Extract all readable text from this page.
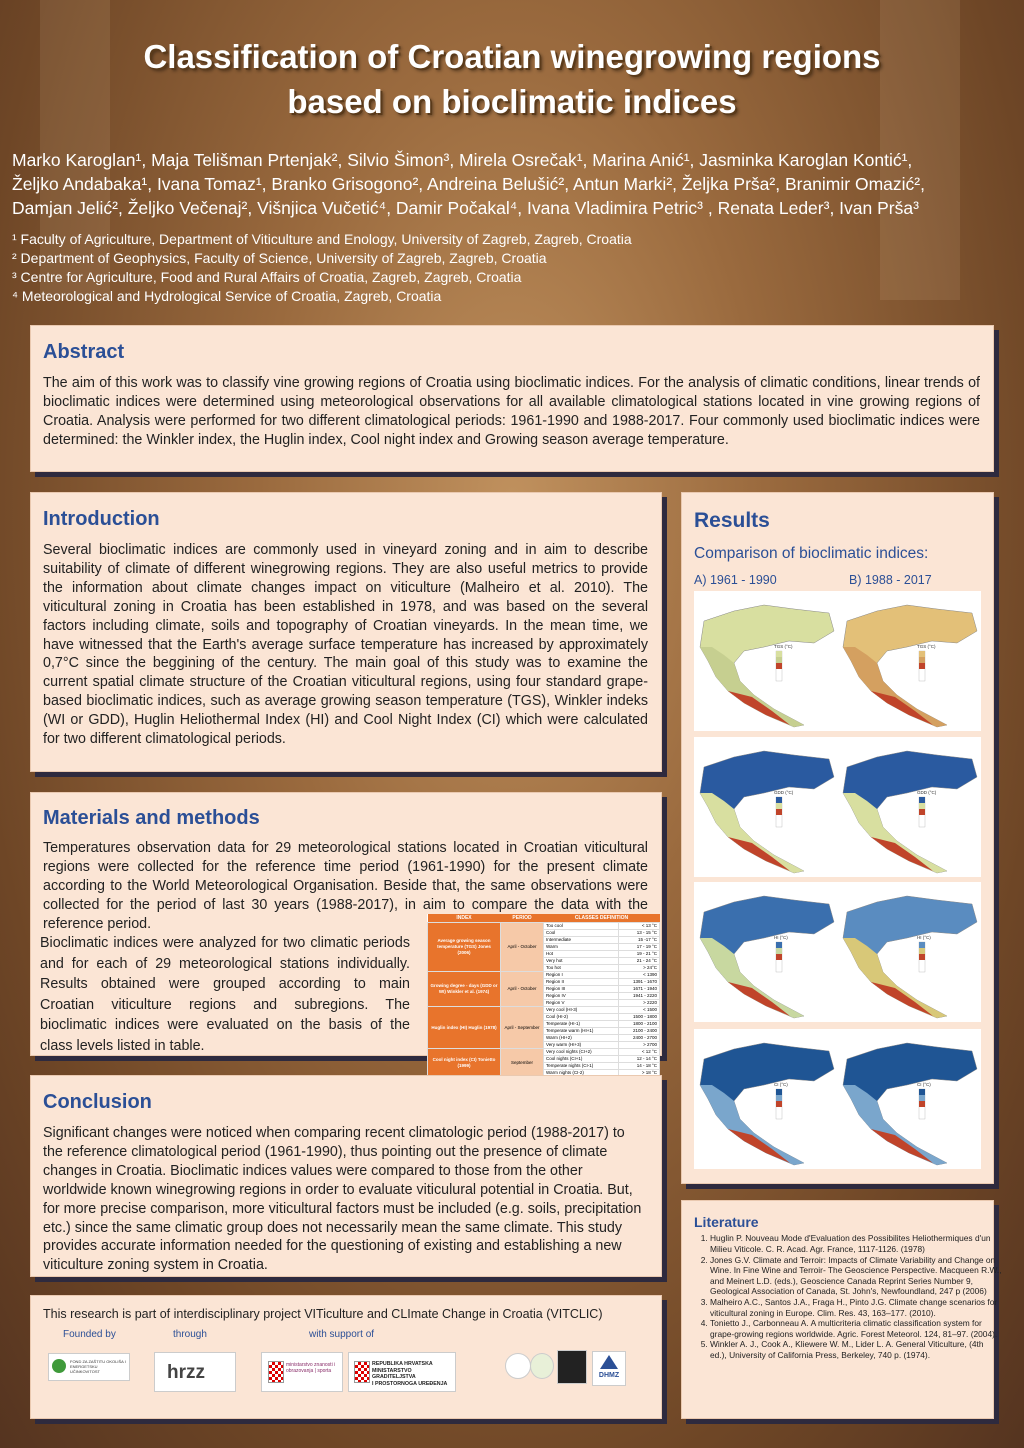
Classification of Croatian winegrowing regions
based on bioclimatic indices
Marko Karoglan¹, Maja Telišman Prtenjak², Silvio Šimon³, Mirela Osrečak¹, Marina Anić¹, Jasminka Karoglan Kontić¹,
Željko Andabaka¹, Ivana Tomaz¹, Branko Grisogono², Andreina Belušić², Antun Marki², Željka Prša², Branimir Omazić²,
Damjan Jelić², Željko Večenaj², Višnjica Vučetić⁴, Damir Počakal⁴, Ivana Vladimira Petric³ , Renata Leder³, Ivan Prša³
¹ Faculty of Agriculture, Department of Viticulture and Enology, University of Zagreb, Zagreb, Croatia
² Department of Geophysics, Faculty of Science, University of Zagreb, Zagreb, Croatia
³ Centre for Agriculture, Food and Rural Affairs of Croatia, Zagreb, Zagreb, Croatia
⁴ Meteorological and Hydrological Service of Croatia, Zagreb, Croatia
Abstract
The aim of this work was to classify vine growing regions of Croatia using bioclimatic indices. For the analysis of climatic conditions, linear trends of bioclimatic indices were determined using meteorological observations for all available climatological stations located in vine growing regions of Croatia. Analysis were performed for two different climatological periods: 1961-1990 and 1988-2017. Four commonly used bioclimatic indices were determined: the Winkler index, the Huglin index, Cool night index and Growing season average temperature.
Introduction
Several bioclimatic indices are commonly used in vineyard zoning and in aim to describe suitability of climate of different winegrowing regions. They are also useful metrics to provide the information about climate changes impact on viticulture (Malheiro et al. 2010). The viticultural zoning in Croatia has been established in 1978, and was based on the several factors including climate, soils and topography of Croatian vineyards. In the mean time, we have witnessed that the Earth's average surface temperature has increased by approximately 0,7°C since the beggining of the century. The main goal of this study was to examine the current spatial climate structure of the Croatian viticultural regions, using four standard grape-based bioclimatic indices, such as average growing season temperature (TGS), Winkler indeks (WI or GDD), Huglin Heliothermal Index (HI) and Cool Night Index (CI) which were calculated for two different climatological periods.
Materials and methods
Temperatures observation data for 29 meteorological stations located in Croatian viticultural regions were collected for the reference time period (1961-1990) for the present climate according to the World Meteorological Organisation. Beside that, the same observations were collected for the period of last 30 years (1988-2017), in aim to compare the data with the reference period.
Bioclimatic indices were analyzed for two climatic periods and for each of 29 meteorological stations individually. Results obtained were grouped according to main Croatian viticulture regions and subregions. The bioclimatic indices were evaluated on the basis of the class levels listed in table.
INDEX	PERIOD	CLASSES DEFINITION	
Average growing season temperature (TGS) Jones (2006)	April - October	Too cool	< 13 °C
		Cool	13 - 15 °C
		Intermediate	15 -17 °C
		Warm	17 - 19 °C
		Hot	19 - 21 °C
		Very hot	21 - 24 °C
		Too hot	> 24°C
Growing degree - days (GDD or WI) Winkler et al. (1974)	April - October	Region I	< 1390
		Region II	1391 - 1670
		Region III	1671 - 1940
		Region IV	1941 - 2220
		Region V	> 2220
Huglin index (HI) Huglin (1978)	April - September	Very cool (HI-3)	< 1500
		Cool (HI-2)	1500 - 1800
		Temperate (HI-1)	1800 - 2100
		Temperate warm (HI+1)	2100 - 2400
		Warm (HI+2)	2400 - 2700
		Very warm (HI+3)	> 2700
Cool night index (CI) Tonietto (1999)	September	Very cool nights (CI+2)	< 12 °C
		Cool nights (CI+1)	12 - 14 °C
		Temperate nights (CI-1)	14 - 18 °C
		Warm nights (CI-2)	> 18 °C
Conclusion
Significant changes were noticed when comparing recent climatologic period (1988-2017) to the reference climatological period (1961-1990), thus pointing out the presence of climate changes in Croatia. Bioclimatic indices values were compared to those from the other worldwide known winegrowing regions in order to evaluate viticulural potential in Croatia. But, for more precise comparison, more viticultural factors must be included (e.g. soils, precipitation etc.) since the same climatic group does not necessarily mean the same climate. This study provides accurate information needed for the questioning of existing and establishing a new viticulture zoning system in Croatia.
This research is part of interdisciplinary project VITiculture and CLImate Change in Croatia (VITCLIC)
Founded by	through	with support of
FOND ZA ZAŠTITU OKOLIŠA I ENERGETSKU UČINKOVITOST	hrzz	ministarstvo znanosti i obrazovanja | sporta
REPUBLIKA HRVATSKA
MINISTARSTVO GRADITELJSTVA
I PROSTORNOGA UREĐENJA
DHMZ
Results
Comparison of bioclimatic indices:
A) 1961 - 1990	B) 1988 - 2017
TGS (°C)	TGS (°C)
GDD (°C)	GDD (°C)
HI (°C)	HI (°C)
CI (°C)	CI (°C)
Literature
1. Huglin P. Nouveau Mode d'Evaluation des Possibilites Heliothermiques d'un Milieu Viticole. C. R. Acad. Agr. France, 1117-1126. (1978)
2. Jones G.V. Climate and Terroir: Impacts of Climate Variability and Change on Wine. In Fine Wine and Terroir- The Geoscience Perspective. Macqueen R.W., and Meinert L.D. (eds.), Geoscience Canada Reprint Series Number 9, Geological Association of Canada, St. John's, Newfoundland, 247 p (2006)
3. Malheiro A.C., Santos J.A., Fraga H., Pinto J.G. Climate change scenarios for viticultural zoning in Europe. Clim. Res. 43, 163–177. (2010).
4. Tonietto J., Carbonneau A. A multicriteria climatic classification system for grape-growing regions worldwide. Agric. Forest Meteorol. 124, 81–97. (2004).
5. Winkler A. J., Cook A., Kliewere W. M., Lider L. A. General Viticulture, (4th ed.), University of California Press, Berkeley, 740 p. (1974).
